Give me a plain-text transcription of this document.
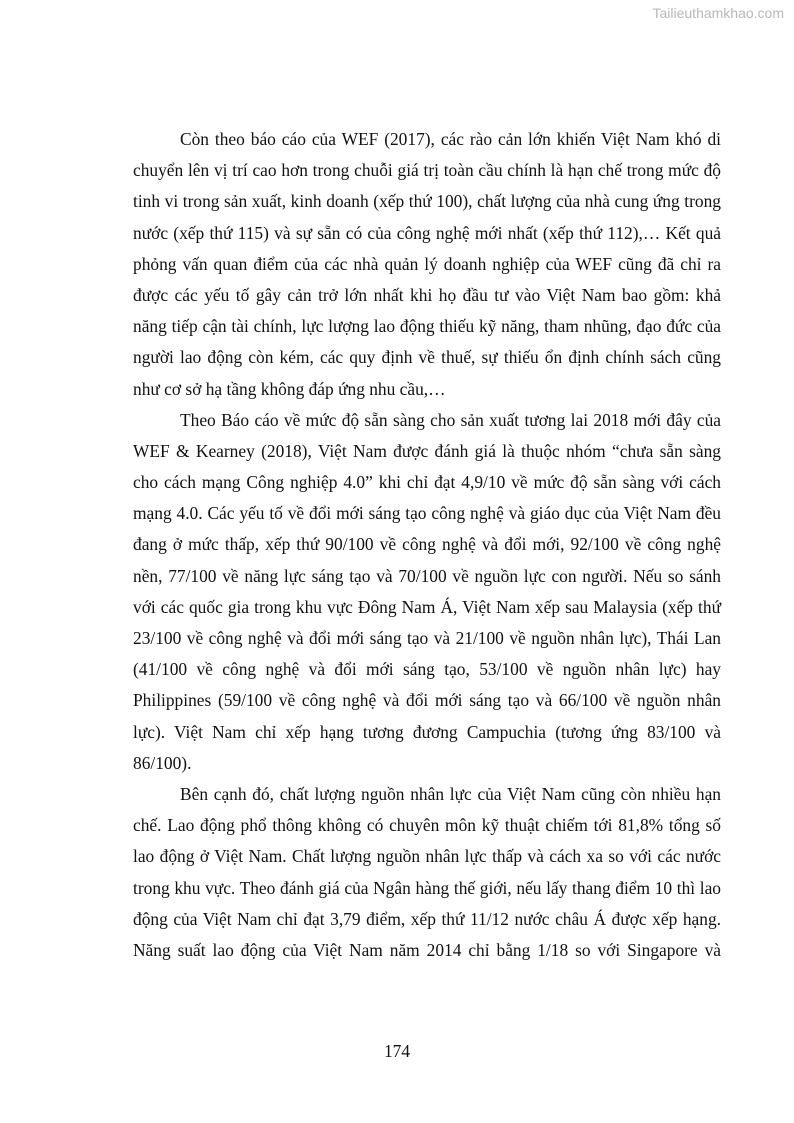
Tailieuthamkhao.com
Còn theo báo cáo của WEF (2017), các rào cản lớn khiến Việt Nam khó di
chuyển lên vị trí cao hơn trong chuỗi giá trị toàn cầu chính là hạn chế trong mức độ
tinh vi trong sản xuất, kinh doanh (xếp thứ 100), chất lượng của nhà cung ứng trong
nước (xếp thứ 115) và sự sẵn có của công nghệ mới nhất (xếp thứ 112),… Kết quả
phỏng vấn quan điểm của các nhà quản lý doanh nghiệp của WEF cũng đã chỉ ra
được các yếu tố gây cản trở lớn nhất khi họ đầu tư vào Việt Nam bao gồm: khả
năng tiếp cận tài chính, lực lượng lao động thiếu kỹ năng, tham nhũng, đạo đức của
người lao động còn kém, các quy định về thuế, sự thiếu ổn định chính sách cũng
như cơ sở hạ tầng không đáp ứng nhu cầu,…
Theo Báo cáo về mức độ sẵn sàng cho sản xuất tương lai 2018 mới đây của
WEF & Kearney (2018), Việt Nam được đánh giá là thuộc nhóm “chưa sẵn sàng
cho cách mạng Công nghiệp 4.0” khi chỉ đạt 4,9/10 về mức độ sẵn sàng với cách
mạng 4.0. Các yếu tố về đổi mới sáng tạo công nghệ và giáo dục của Việt Nam đều
đang ở mức thấp, xếp thứ 90/100 về công nghệ và đổi mới, 92/100 về công nghệ
nền, 77/100 về năng lực sáng tạo và 70/100 về nguồn lực con người. Nếu so sánh
với các quốc gia trong khu vực Đông Nam Á, Việt Nam xếp sau Malaysia (xếp thứ
23/100 về công nghệ và đổi mới sáng tạo và 21/100 về nguồn nhân lực), Thái Lan
(41/100 về công nghệ và đổi mới sáng tạo, 53/100 về nguồn nhân lực) hay
Philippines (59/100 về công nghệ và đổi mới sáng tạo và 66/100 về nguồn nhân
lực). Việt Nam chỉ xếp hạng tương đương Campuchia (tương ứng 83/100 và
86/100).
Bên cạnh đó, chất lượng nguồn nhân lực của Việt Nam cũng còn nhiều hạn
chế. Lao động phổ thông không có chuyên môn kỹ thuật chiếm tới 81,8% tổng số
lao động ở Việt Nam. Chất lượng nguồn nhân lực thấp và cách xa so với các nước
trong khu vực. Theo đánh giá của Ngân hàng thế giới, nếu lấy thang điểm 10 thì lao
động của Việt Nam chỉ đạt 3,79 điểm, xếp thứ 11/12 nước châu Á được xếp hạng.
Năng suất lao động của Việt Nam năm 2014 chỉ bằng 1/18 so với Singapore và
174
